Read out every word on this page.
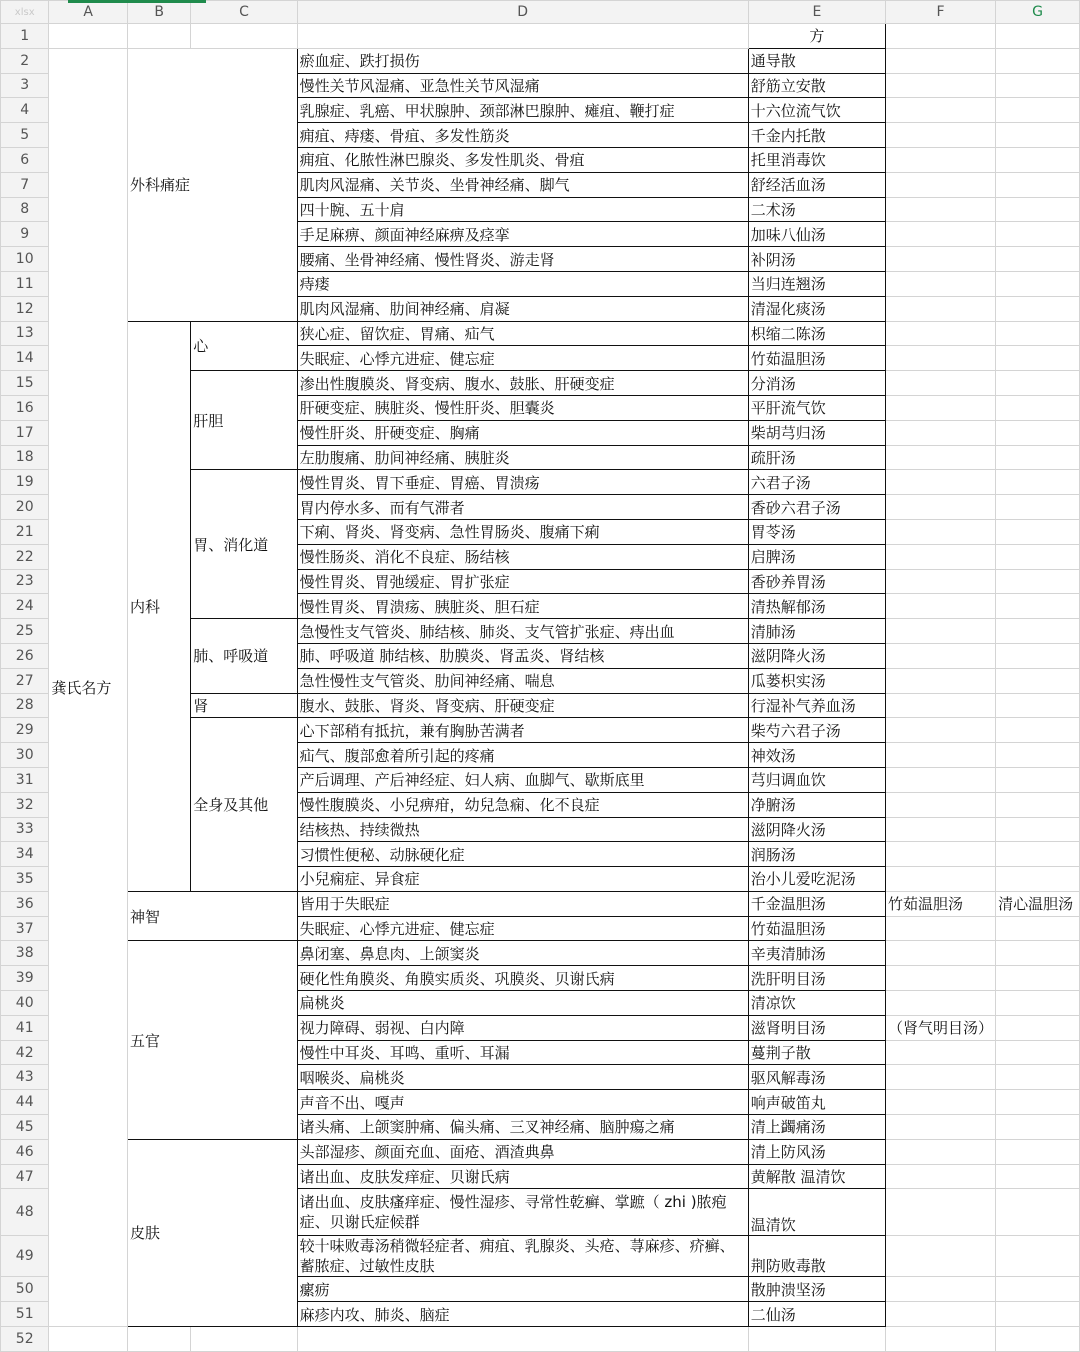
xlsx	A	B	C	D	E	F	G
1					方		
2	龚氏名方	外科痛症		瘀血症、跌打损伤	通导散		
3				慢性关节风湿痛、亚急性关节风湿痛	舒筋立安散		
4				乳腺症、乳癌、甲状腺肿、颈部淋巴腺肿、瘫疽、鞭打症	十六位流气饮		
5				痈疽、痔瘘、骨疽、多发性筋炎	千金内托散		
6				痈疽、化脓性淋巴腺炎、多发性肌炎、骨疽	托里消毒饮		
7				肌肉风湿痛、关节炎、坐骨神经痛、脚气	舒经活血汤		
8				四十腕、五十肩	二术汤		
9				手足麻痹、颜面神经麻痹及痉挛	加味八仙汤		
10				腰痛、坐骨神经痛、慢性肾炎、游走肾	补阴汤		
11				痔瘘	当归连翘汤		
12				肌肉风湿痛、肋间神经痛、肩凝	清湿化痰汤		
13		内科	心	狭心症、留饮症、胃痛、疝气	枳缩二陈汤		
14				失眠症、心悸亢进症、健忘症	竹茹温胆汤		
15			肝胆	渗出性腹膜炎、肾变病、腹水、鼓胀、肝硬变症	分消汤		
16				肝硬变症、胰脏炎、慢性肝炎、胆囊炎	平肝流气饮		
17				慢性肝炎、肝硬变症、胸痛	柴胡芎归汤		
18				左肋腹痛、肋间神经痛、胰脏炎	疏肝汤		
19			胃、消化道	慢性胃炎、胃下垂症、胃癌、胃溃疡	六君子汤		
20				胃内停水多、而有气滞者	香砂六君子汤		
21				下痢、肾炎、肾变病、急性胃肠炎、腹痛下痢	胃苓汤		
22				慢性肠炎、消化不良症、肠结核	启脾汤		
23				慢性胃炎、胃弛缓症、胃扩张症	香砂养胃汤		
24				慢性胃炎、胃溃疡、胰脏炎、胆石症	清热解郁汤		
25			肺、呼吸道	急慢性支气管炎、肺结核、肺炎、支气管扩张症、痔出血	清肺汤		
26				肺、呼吸道 肺结核、肋膜炎、肾盂炎、肾结核	滋阴降火汤		
27				急性慢性支气管炎、肋间神经痛、喘息	瓜蒌枳实汤		
28			肾	腹水、鼓胀、肾炎、肾变病、肝硬变症	行湿补气养血汤		
29			全身及其他	心下部稍有抵抗，兼有胸胁苦满者	柴芍六君子汤		
30				疝气、腹部愈着所引起的疼痛	神效汤		
31				产后调理、产后神经症、妇人病、血脚气、歇斯底里	芎归调血饮		
32				慢性腹膜炎、小兒痹疳，幼兒急痫、化不良症	净腑汤		
33				结核热、持续微热	滋阴降火汤		
34				习惯性便秘、动脉硬化症	润肠汤		
35				小兒痫症、异食症	治小儿爱吃泥汤		
36		神智		皆用于失眠症	千金温胆汤	竹茹温胆汤	清心温胆汤
37				失眠症、心悸亢进症、健忘症	竹茹温胆汤		
38		五官		鼻闭塞、鼻息肉、上颌窦炎	辛夷清肺汤		
39				硬化性角膜炎、角膜实质炎、巩膜炎、贝谢氏病	洗肝明目汤		
40				扁桃炎	清凉饮		
41				视力障碍、弱视、白内障	滋肾明目汤	（肾气明目汤）	
42				慢性中耳炎、耳鸣、重听、耳漏	蔓荆子散		
43				咽喉炎、扁桃炎	驱风解毒汤		
44				声音不出、嘎声	响声破笛丸		
45				诸头痛、上颌窦肿痛、偏头痛、三叉神经痛、脑肿瘍之痛	清上蠲痛汤		
46		皮肤		头部湿疹、颜面充血、面疮、酒渣典鼻	清上防风汤		
47				诸出血、皮肤发痒症、贝谢氏病	黄解散 温清饮		
48				诸出血、皮肤瘙痒症、慢性湿疹、寻常性乾癣、掌蹠（ zhi )脓疱症、贝谢氏症候群	温清饮		
49				较十味败毒汤稍微轻症者、痈疽、乳腺炎、头疮、荨麻疹、疥癣、蓄脓症、过敏性皮肤	荆防败毒散		
50				瘰疬	散肿溃坚汤		
51				麻疹内攻、肺炎、脑症	二仙汤		
52							
